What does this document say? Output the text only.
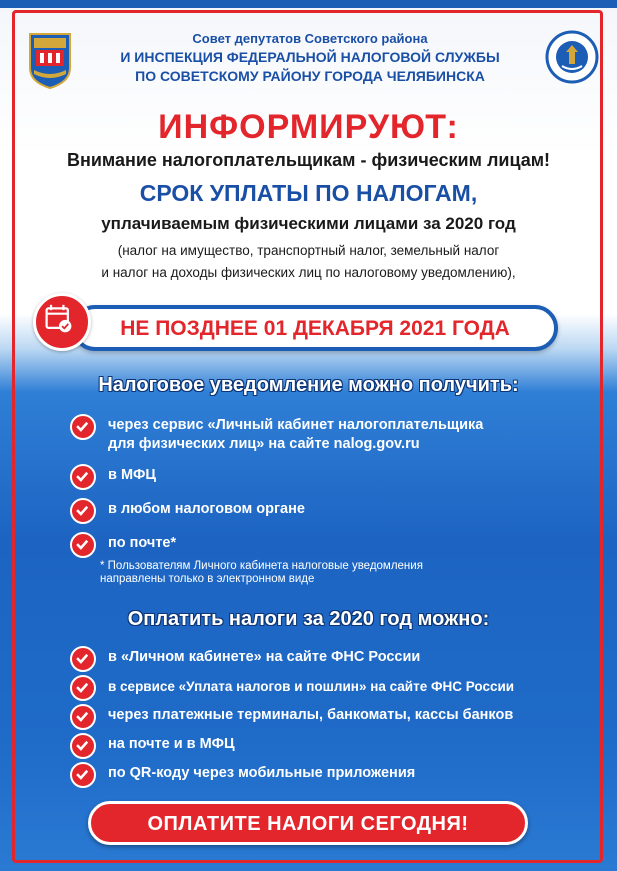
Совет депутатов Советского района
И ИНСПЕКЦИЯ ФЕДЕРАЛЬНОЙ НАЛОГОВОЙ СЛУЖБЫ
ПО СОВЕТСКОМУ РАЙОНУ ГОРОДА ЧЕЛЯБИНСКА
ИНФОРМИРУЮТ:
Внимание налогоплательщикам - физическим лицам!
СРОК УПЛАТЫ ПО НАЛОГАМ,
уплачиваемым физическими лицами за 2020 год
(налог на имущество, транспортный налог, земельный налог
и налог на доходы физических лиц по налоговому уведомлению),
НЕ ПОЗДНЕЕ 01 ДЕКАБРЯ 2021 ГОДА
Налоговое уведомление можно получить:
через сервис «Личный кабинет налогоплательщика
для физических лиц» на сайте nalog.gov.ru
в МФЦ
в любом налоговом органе
по почте*
* Пользователям Личного кабинета налоговые уведомления
направлены только в электронном виде
Оплатить налоги за 2020 год можно:
в «Личном кабинете» на сайте ФНС России
в сервисе «Уплата налогов и пошлин» на сайте ФНС России
через платежные терминалы, банкоматы, кассы банков
на почте и в МФЦ
по QR-коду через мобильные приложения
ОПЛАТИТЕ НАЛОГИ СЕГОДНЯ!
